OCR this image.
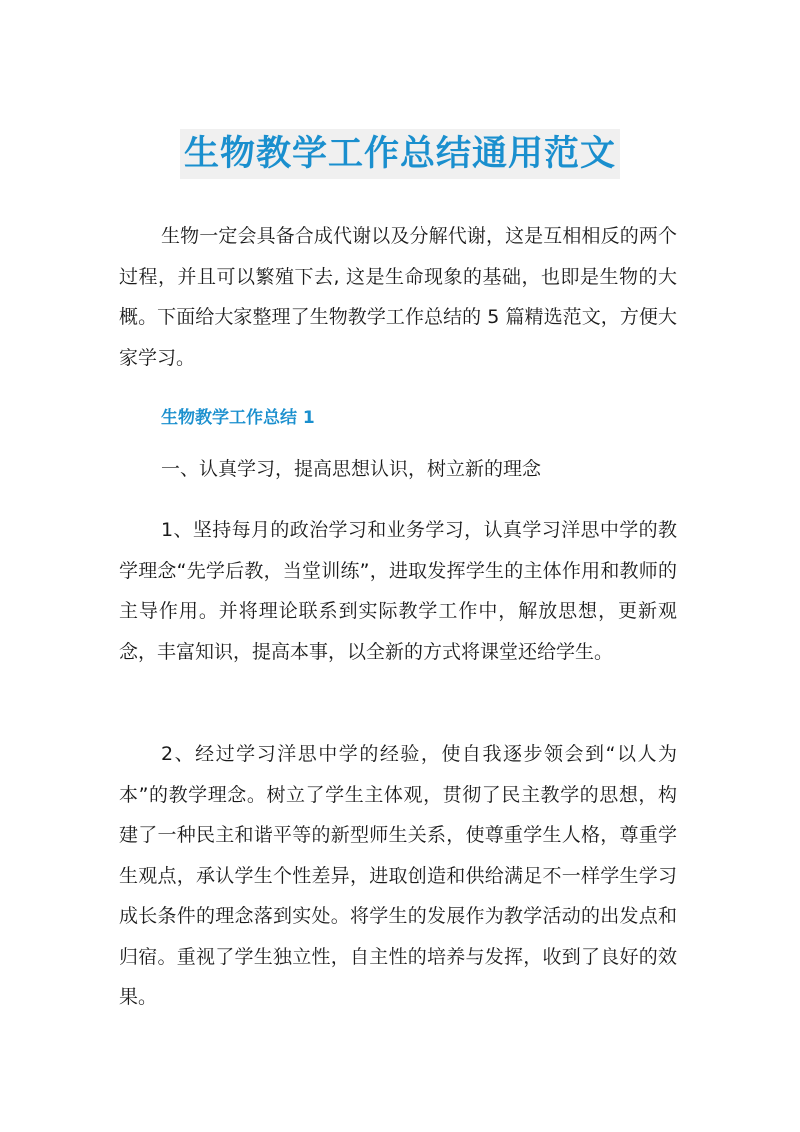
生物教学工作总结通用范文

生物一定会具备合成代谢以及分解代谢，这是互相相反的两个过程，并且可以繁殖下去, 这是生命现象的基础，也即是生物的大概。下面给大家整理了生物教学工作总结的 5 篇精选范文，方便大家学习。

生物教学工作总结 1

一、认真学习，提高思想认识，树立新的理念

1、坚持每月的政治学习和业务学习，认真学习洋思中学的教学理念“先学后教，当堂训练”，进取发挥学生的主体作用和教师的主导作用。并将理论联系到实际教学工作中，解放思想，更新观念，丰富知识，提高本事，以全新的方式将课堂还给学生。

2、经过学习洋思中学的经验，使自我逐步领会到“以人为本”的教学理念。树立了学生主体观，贯彻了民主教学的思想，构建了一种民主和谐平等的新型师生关系，使尊重学生人格，尊重学生观点，承认学生个性差异，进取创造和供给满足不一样学生学习成长条件的理念落到实处。将学生的发展作为教学活动的出发点和归宿。重视了学生独立性，自主性的培养与发挥，收到了良好的效果。
